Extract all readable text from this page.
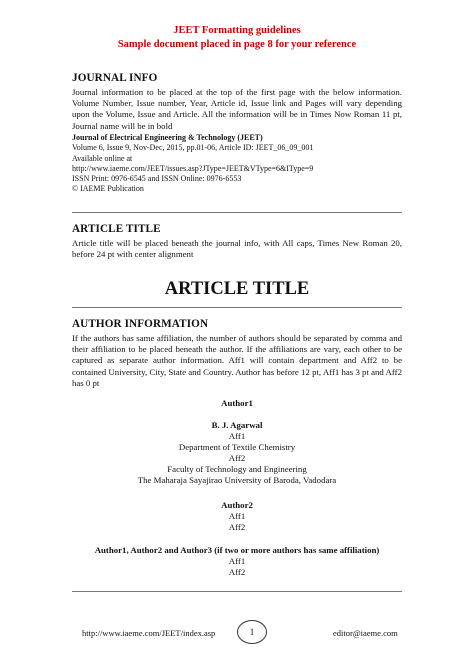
JEET Formatting guidelines
Sample document placed in page 8 for your reference
JOURNAL INFO
Journal information to be placed at the top of the first page with the below information. Volume Number, Issue number, Year, Article id, Issue link and Pages will vary depending upon the Volume, Issue and Article. All the information will be in Times Now Roman 11 pt, Journal name will be in bold
Journal of Electrical Engineering & Technology (JEET)
Volume 6, Issue 9, Nov-Dec, 2015, pp.01-06, Article ID: JEET_06_09_001
Available online at
http://www.iaeme.com/JEET/issues.asp?JType=JEET&VType=6&IType=9
ISSN Print: 0976-6545 and ISSN Online: 0976-6553
© IAEME Publication
ARTICLE TITLE
Article title will be placed beneath the journal info, with All caps, Times New Roman 20, before 24 pt with center alignment
ARTICLE TITLE
AUTHOR INFORMATION
If the authors has same affiliation, the number of authors should be separated by comma and their affiliation to be placed beneath the author. If the affiliations are vary, each other to be captured as separate author information. Aff1 will contain department and Aff2 to be contained University, City, State and Country. Author has before 12 pt, Aff1 has 3 pt and Aff2 has 0 pt
Author1
B. J. Agarwal
Aff1
Department of Textile Chemistry
Aff2
Faculty of Technology and Engineering
The Maharaja Sayajirao University of Baroda, Vadodara
Author2
Aff1
Aff2
Author1, Author2 and Author3 (if two or more authors has same affiliation)
Aff1
Aff2
http://www.iaeme.com/JEET/index.asp	1	editor@iaeme.com
